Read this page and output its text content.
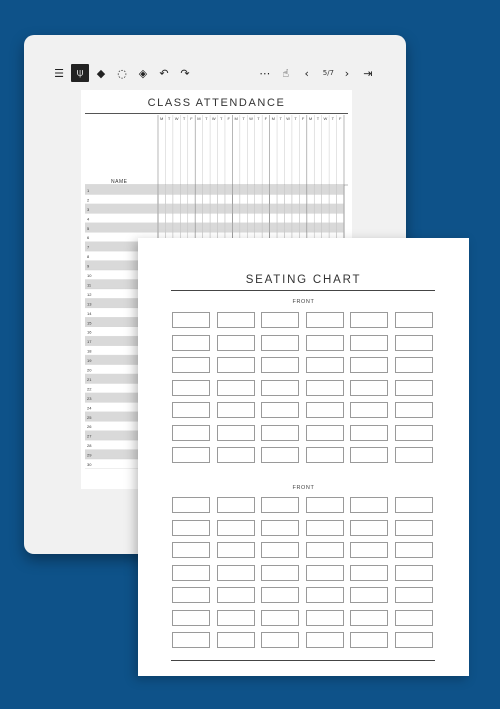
☰	⍦	◆	◌	◈	↶	↷	⋯	☝	‹	5/7 ›	⇥
CLASS ATTENDANCE
M T W T F M T W T F M T W T F M T W T F M T W T F
1
2
3
4
5
6
7
8
9
10
11
12
13
14
15
16
17
18
19
20
21
22
23
24
25
26
27
28
29
30
NAME
SEATING CHART
FRONT
FRONT
